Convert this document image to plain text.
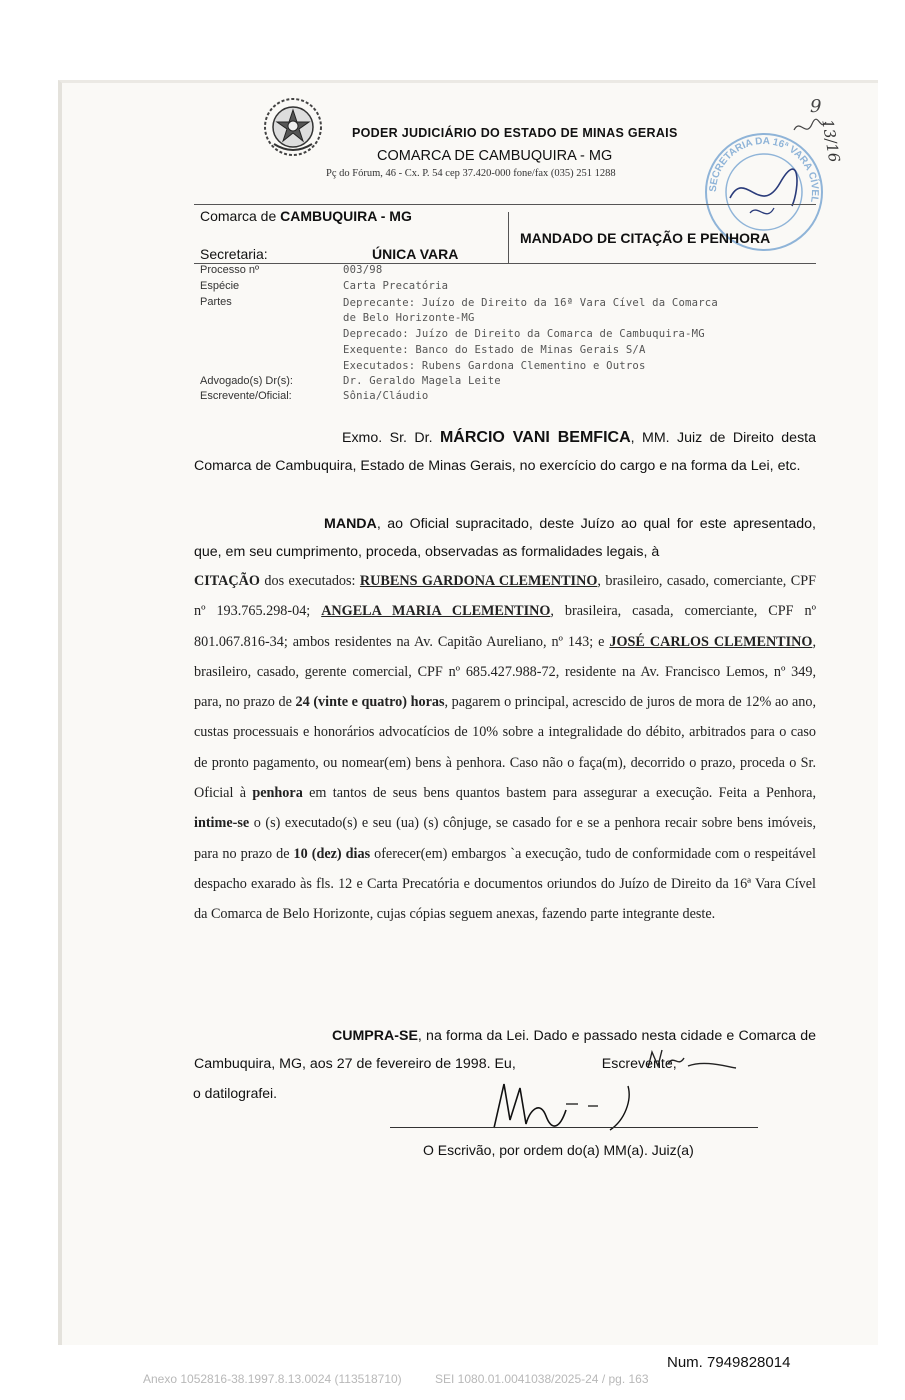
PODER JUDICIÁRIO DO ESTADO DE MINAS GERAIS
COMARCA DE CAMBUQUIRA - MG
Pç do Fórum, 46 - Cx. P. 54 cep 37.420-000 fone/fax (035) 251 1288
SECRETARIA DA 16ª VARA CÍVEL
9
13/16
Comarca de CAMBUQUIRA - MG
MANDADO DE CITAÇÃO E PENHORA
Secretaria:	ÚNICA VARA
Processo nº
Espécie
Partes
Advogado(s) Dr(s):
Escrevente/Oficial:
003/98
Carta Precatória
Deprecante: Juízo de Direito da 16ª Vara Cível da Comarca
de Belo Horizonte-MG
Deprecado: Juízo de Direito da Comarca de Cambuquira-MG
Exequente: Banco do Estado de Minas Gerais S/A
Executados: Rubens Gardona Clementino e Outros
Dr. Geraldo Magela Leite
Sônia/Cláudio
Exmo. Sr. Dr. MÁRCIO VANI BEMFICA, MM. Juiz de Direito desta Comarca de Cambuquira, Estado de Minas Gerais, no exercício do cargo e na forma da Lei, etc.
MANDA, ao Oficial supracitado, deste Juízo ao qual for este apresentado, que, em seu cumprimento, proceda, observadas as formalidades legais, à
CITAÇÃO dos executados: RUBENS GARDONA CLEMENTINO, brasileiro, casado, comerciante, CPF nº 193.765.298-04; ANGELA MARIA CLEMENTINO, brasileira, casada, comerciante, CPF nº 801.067.816-34; ambos residentes na Av. Capitão Aureliano, nº 143; e JOSÉ CARLOS CLEMENTINO, brasileiro, casado, gerente comercial, CPF nº 685.427.988-72, residente na Av. Francisco Lemos, nº 349, para, no prazo de 24 (vinte e quatro) horas, pagarem o principal, acrescido de juros de mora de 12% ao ano, custas processuais e honorários advocatícios de 10% sobre a integralidade do débito, arbitrados para o caso de pronto pagamento, ou nomear(em) bens à penhora. Caso não o faça(m), decorrido o prazo, proceda o Sr. Oficial à penhora em tantos de seus bens quantos bastem para assegurar a execução. Feita a Penhora, intime-se o (s) executado(s) e seu (ua) (s) cônjuge, se casado for e se a penhora recair sobre bens imóveis, para no prazo de 10 (dez) dias oferecer(em) embargos `a execução, tudo de conformidade com o respeitável despacho exarado às fls. 12 e Carta Precatória e documentos oriundos do Juízo de Direito da 16ª Vara Cível da Comarca de Belo Horizonte, cujas cópias seguem anexas, fazendo parte integrante deste.
CUMPRA-SE, na forma da Lei. Dado e passado nesta cidade e Comarca de Cambuquira, MG, aos 27 de fevereiro de 1998. Eu,	Escrevente,
o datilografei.
O Escrivão, por ordem do(a) MM(a). Juiz(a)
Num. 7949828014
Anexo 1052816-38.1997.8.13.0024 (113518710)          SEI 1080.01.0041038/2025-24 / pg. 163
